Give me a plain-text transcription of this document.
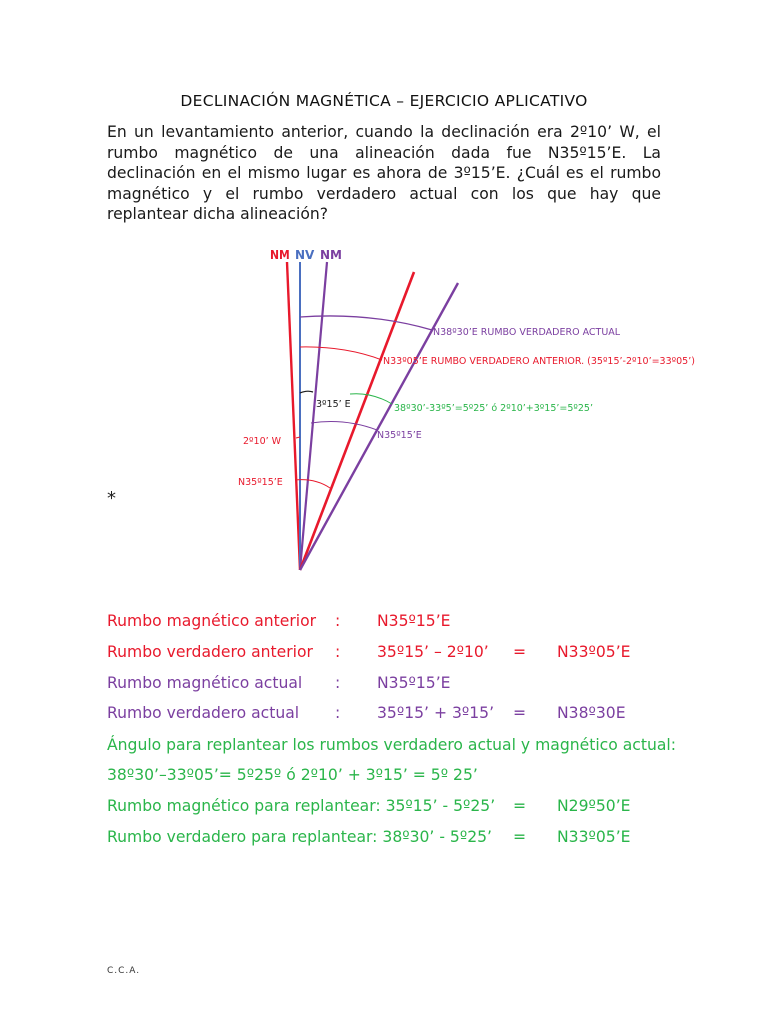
DECLINACIÓN MAGNÉTICA – EJERCICIO APLICATIVO
En un levantamiento anterior, cuando la declinación era 2º10’ W, el rumbo magnético de una alineación dada fue N35º15’E. La declinación en el mismo lugar es ahora de 3º15’E. ¿Cuál es el rumbo magnético y el rumbo verdadero actual con los que hay que replantear dicha alineación?
NM NV NM
N38º30’E RUMBO VERDADERO ACTUAL
N33º05’E RUMBO VERDADERO ANTERIOR. (35º15’-2º10’=33º05’)
3º15’ E	38º30’-33º5’=5º25’ ó 2º10’+3º15’=5º25’
N35º15’E
2º10’ W
N35º15’E
*
Rumbo magnético anterior : N35º15’E
Rumbo verdadero anterior : 35º15’ – 2º10’ = N33º05’E
Rumbo magnético actual : N35º15’E
Rumbo verdadero actual : 35º15’ + 3º15’ = N38º30E
Ángulo para replantear los rumbos verdadero actual y magnético actual:
38º30’–33º05’= 5º25º ó 2º10’ + 3º15’ = 5º 25’
Rumbo magnético para replantear: 35º15’ - 5º25’ = N29º50’E
Rumbo verdadero para replantear: 38º30’ - 5º25’ = N33º05’E
C.C.A.
